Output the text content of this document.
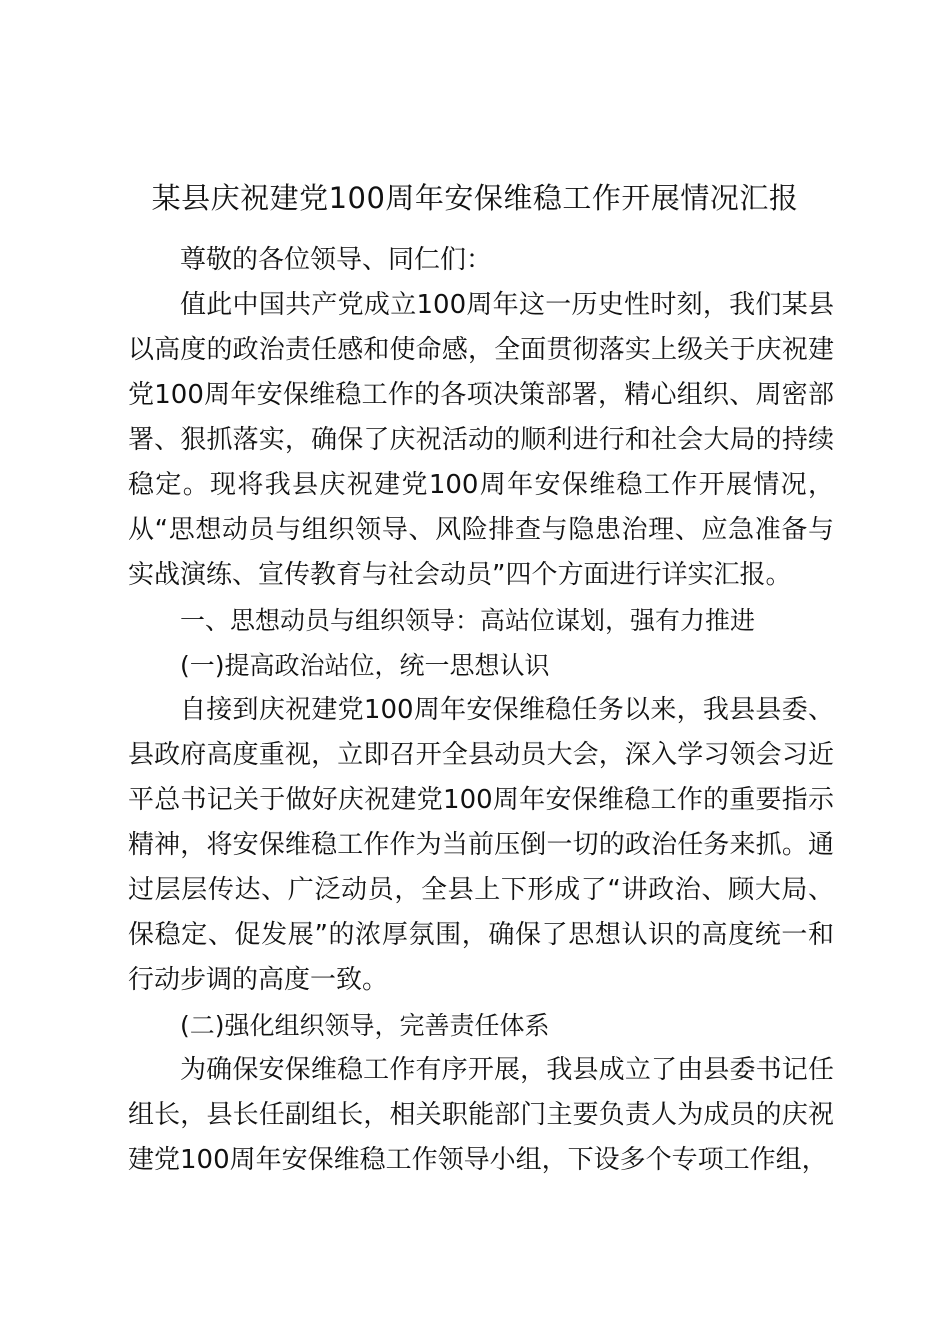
某县庆祝建党100周年安保维稳工作开展情况汇报

尊敬的各位领导、同仁们：

值此中国共产党成立100周年这一历史性时刻，我们某县以高度的政治责任感和使命感，全面贯彻落实上级关于庆祝建党100周年安保维稳工作的各项决策部署，精心组织、周密部署、狠抓落实，确保了庆祝活动的顺利进行和社会大局的持续稳定。现将我县庆祝建党100周年安保维稳工作开展情况，从“思想动员与组织领导、风险排查与隐患治理、应急准备与实战演练、宣传教育与社会动员”四个方面进行详实汇报。

一、思想动员与组织领导：高站位谋划，强有力推进

(一)提高政治站位，统一思想认识

自接到庆祝建党100周年安保维稳任务以来，我县县委、县政府高度重视，立即召开全县动员大会，深入学习领会习近平总书记关于做好庆祝建党100周年安保维稳工作的重要指示精神，将安保维稳工作作为当前压倒一切的政治任务来抓。通过层层传达、广泛动员，全县上下形成了“讲政治、顾大局、保稳定、促发展”的浓厚氛围，确保了思想认识的高度统一和行动步调的高度一致。

(二)强化组织领导，完善责任体系

为确保安保维稳工作有序开展，我县成立了由县委书记任组长，县长任副组长，相关职能部门主要负责人为成员的庆祝建党100周年安保维稳工作领导小组，下设多个专项工作组，
